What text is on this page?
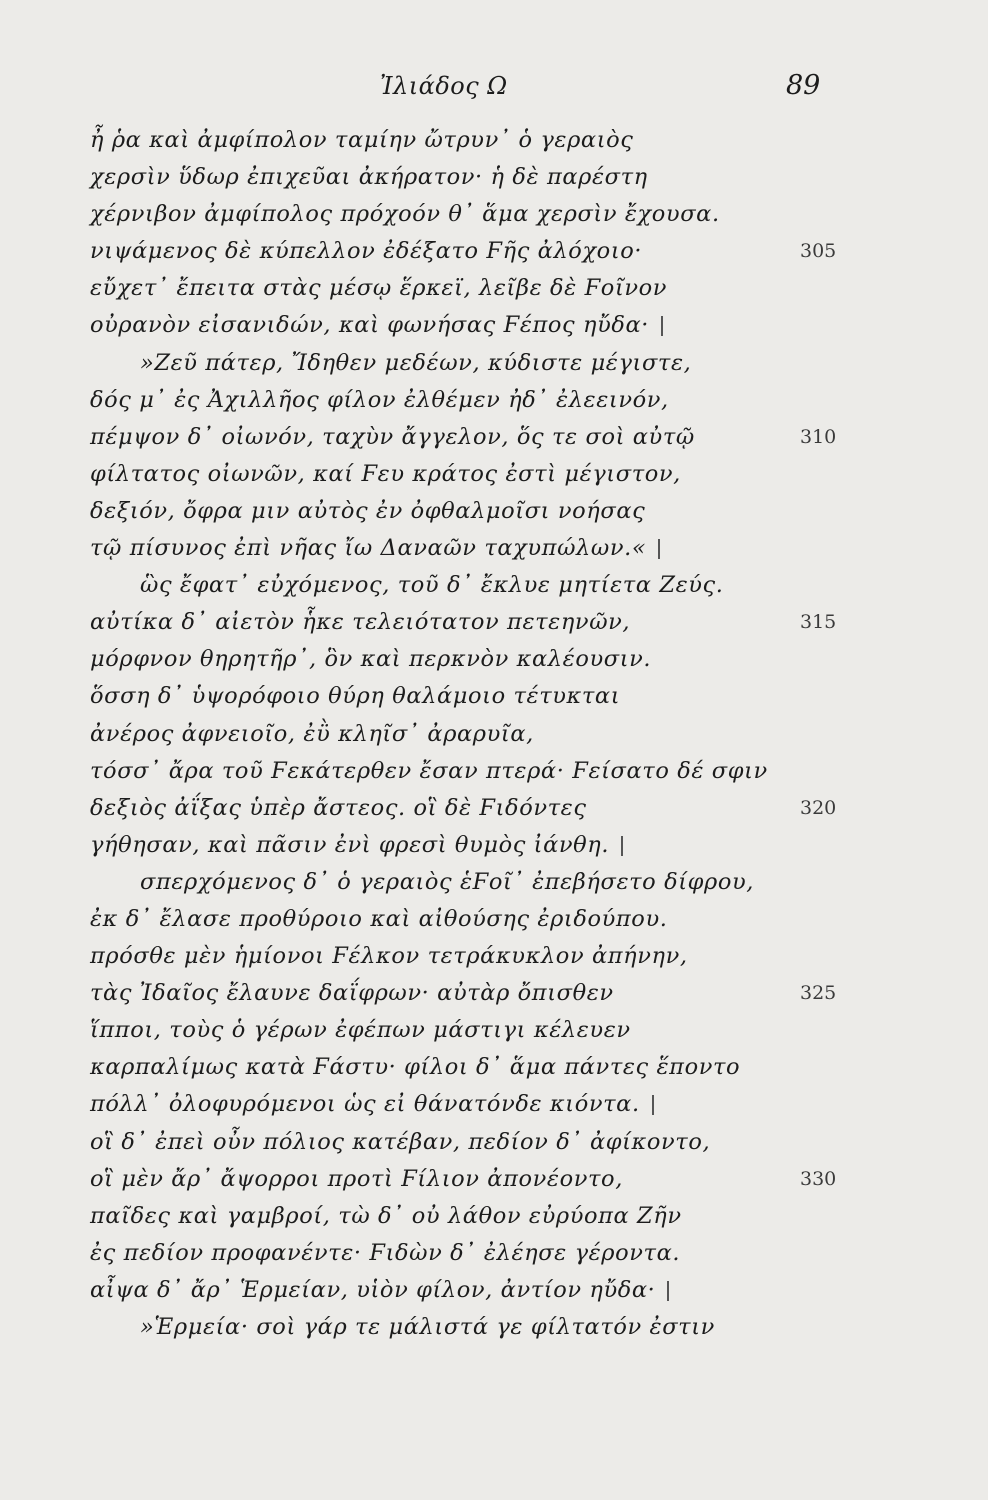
Ἰλιάδος Ω	89
ἦ ῥα καὶ ἀμφίπολον ταμίην ὤτρυν᾽ ὁ γεραιὸς
χερσὶν ὕδωρ ἐπιχεῦαι ἀκήρατον· ἡ δὲ παρέστη
χέρνιβον ἀμφίπολος πρόχοόν θ᾽ ἅμα χερσὶν ἔχουσα.
νιψάμενος δὲ κύπελλον ἐδέξατο Ϝῆς ἀλόχοιο·	305
εὔχετ᾽ ἔπειτα στὰς μέσῳ ἕρκεϊ, λεῖβε δὲ Ϝοῖνον
οὐρανὸν εἰσανιδών, καὶ φωνήσας Ϝέπος ηὔδα·
»Ζεῦ πάτερ, Ἴδηθεν μεδέων, κύδιστε μέγιστε,
δός μ᾽ ἐς Ἀχιλλῆος φίλον ἐλθέμεν ἠδ᾽ ἐλεεινόν,
πέμψον δ᾽ οἰωνόν, ταχὺν ἄγγελον, ὅς τε σοὶ αὐτῷ	310
φίλτατος οἰωνῶν, καί Ϝευ κράτος ἐστὶ μέγιστον,
δεξιόν, ὄφρα μιν αὐτὸς ἐν ὀφθαλμοῖσι νοήσας
τῷ πίσυνος ἐπὶ νῆας ἴω Δαναῶν ταχυπώλων.«
ὣς ἔφατ᾽ εὐχόμενος, τοῦ δ᾽ ἔκλυε μητίετα Ζεύς.
αὐτίκα δ᾽ αἰετὸν ἧκε τελειότατον πετεηνῶν,	315
μόρφνον θηρητῆρ᾽, ὃν καὶ περκνὸν καλέουσιν.
ὅσση δ᾽ ὑψορόφοιο θύρη θαλάμοιο τέτυκται
ἀνέρος ἀφνειοῖο, ἐῢ κληῖσ᾽ ἀραρυῖα,
τόσσ᾽ ἄρα τοῦ Ϝεκάτερθεν ἔσαν πτερά· Ϝείσατο δέ σφιν
δεξιὸς ἀΐξας ὑπὲρ ἄστεος. οἳ δὲ Ϝιδόντες	320
γήθησαν, καὶ πᾶσιν ἐνὶ φρεσὶ θυμὸς ἰάνθη.
σπερχόμενος δ᾽ ὁ γεραιὸς ἑϜοῖ᾽ ἐπεβήσετο δίφρου,
ἐκ δ᾽ ἔλασε προθύροιο καὶ αἰθούσης ἐριδούπου.
πρόσθε μὲν ἡμίονοι Ϝέλκον τετράκυκλον ἀπήνην,
τὰς Ἰδαῖος ἔλαυνε δαΐφρων· αὐτὰρ ὄπισθεν	325
ἵπποι, τοὺς ὁ γέρων ἐφέπων μάστιγι κέλευεν
καρπαλίμως κατὰ Ϝάστυ· φίλοι δ᾽ ἅμα πάντες ἕποντο
πόλλ᾽ ὀλοφυρόμενοι ὡς εἰ θάνατόνδε κιόντα.
οἳ δ᾽ ἐπεὶ οὖν πόλιος κατέβαν, πεδίον δ᾽ ἀφίκοντο,
οἳ μὲν ἄρ᾽ ἄψορροι προτὶ Ϝίλιον ἀπονέοντο,	330
παῖδες καὶ γαμβροί, τὼ δ᾽ οὐ λάθον εὐρύοπα Ζῆν
ἐς πεδίον προφανέντε· Ϝιδὼν δ᾽ ἐλέησε γέροντα.
αἶψα δ᾽ ἄρ᾽ Ἑρμείαν, υἱὸν φίλον, ἀντίον ηὔδα·
»Ἑρμεία· σοὶ γάρ τε μάλιστά γε φίλτατόν ἐστιν
